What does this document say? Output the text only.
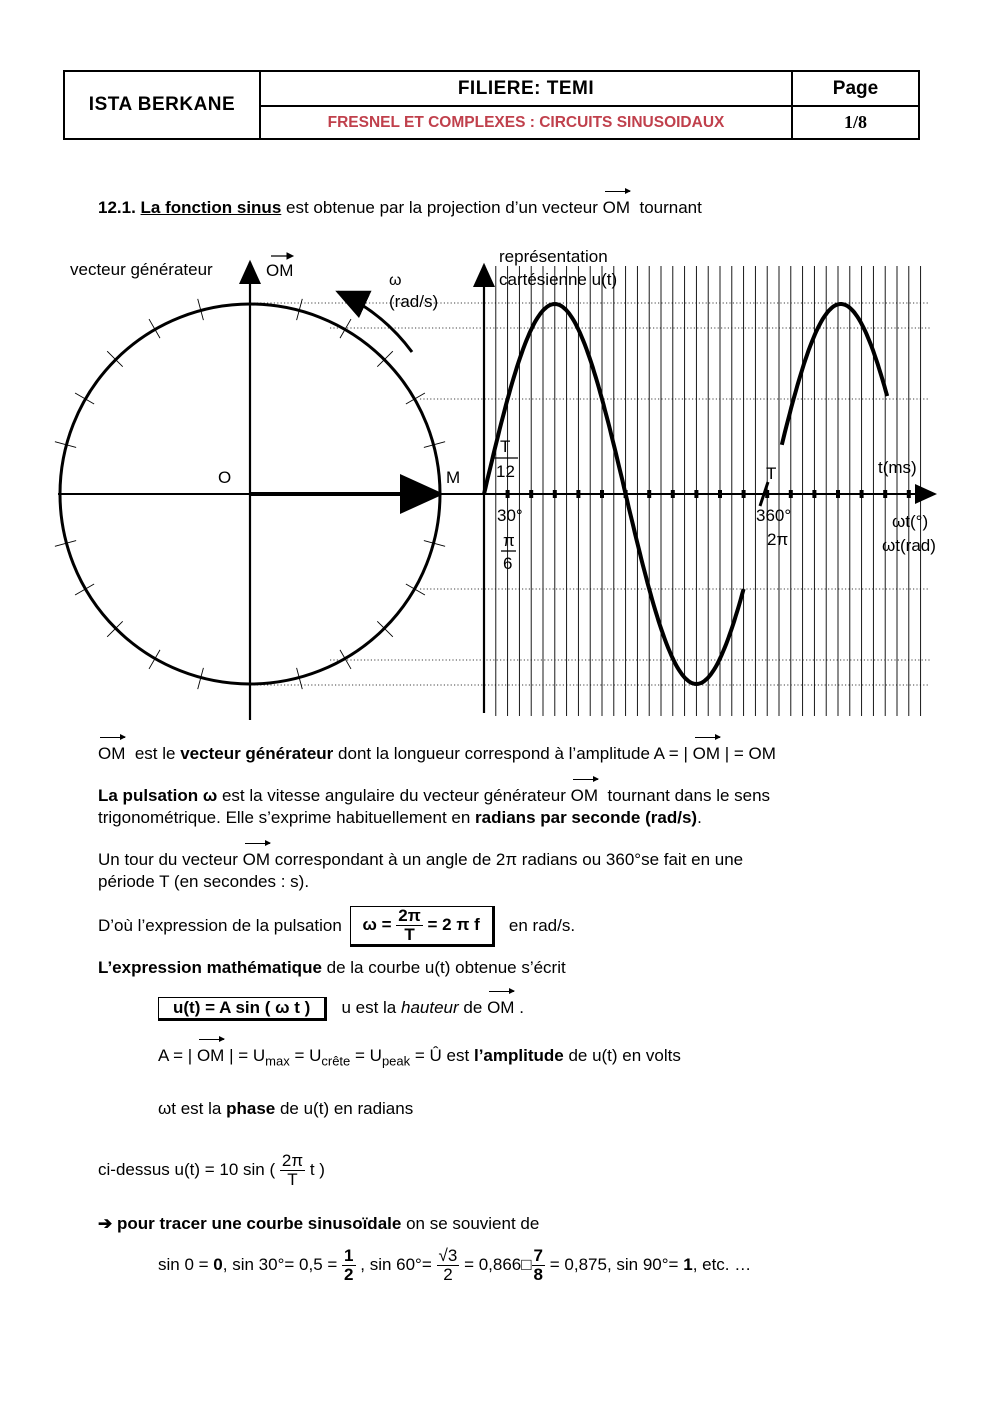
ISTA BERKANE
FILIERE: TEMI
FRESNEL ET COMPLEXES : CIRCUITS SINUSOIDAUX
Page
1/8
12.1. La fonction sinus est obtenue par la projection d’un vecteur OM tournant
vecteur générateur	OM
ω
(rad/s)
représentation
cartésienne u(t)
O	M
T
12	T	t(ms)
30°
π
6
360°
2π
ωt(°)
ωt(rad)
OM est le vecteur générateur dont la longueur correspond à l’amplitude A = | OM | = OM
La pulsation ω est la vitesse angulaire du vecteur générateur OM tournant dans le sens
trigonométrique. Elle s’exprime habituellement en radians par seconde (rad/s).
Un tour du vecteur OM correspondant à un angle de 2π radians ou 360°se fait en une
période T (en secondes : s).
D’où l’expression de la pulsation $\omega = \frac{2\pi}{T} = 2$ π f en rad/s.
L’expression mathématique de la courbe u(t) obtenue s’écrit
u(t) = A sin ( ω t ) u est la hauteur de OM .
A = | OM | = $U_{max} = U_{crête} = U_{peak}$ = Û est l’amplitude de u(t) en volts
ωt est la phase de u(t) en radians
ci-dessus u(t) = 10 sin ( $\frac{2\pi}{T}$ t )
➔ pour tracer une courbe sinusoïdale on se souvient de
sin 0 = 0, $\sin 30^\circ= 0,5 = \frac{1}{2}$ , $\sin 60^\circ= \frac{√3}{2}$ = 0,866□ $\frac{7}{8} = 0,875$, sin 90°= 1, etc. …
